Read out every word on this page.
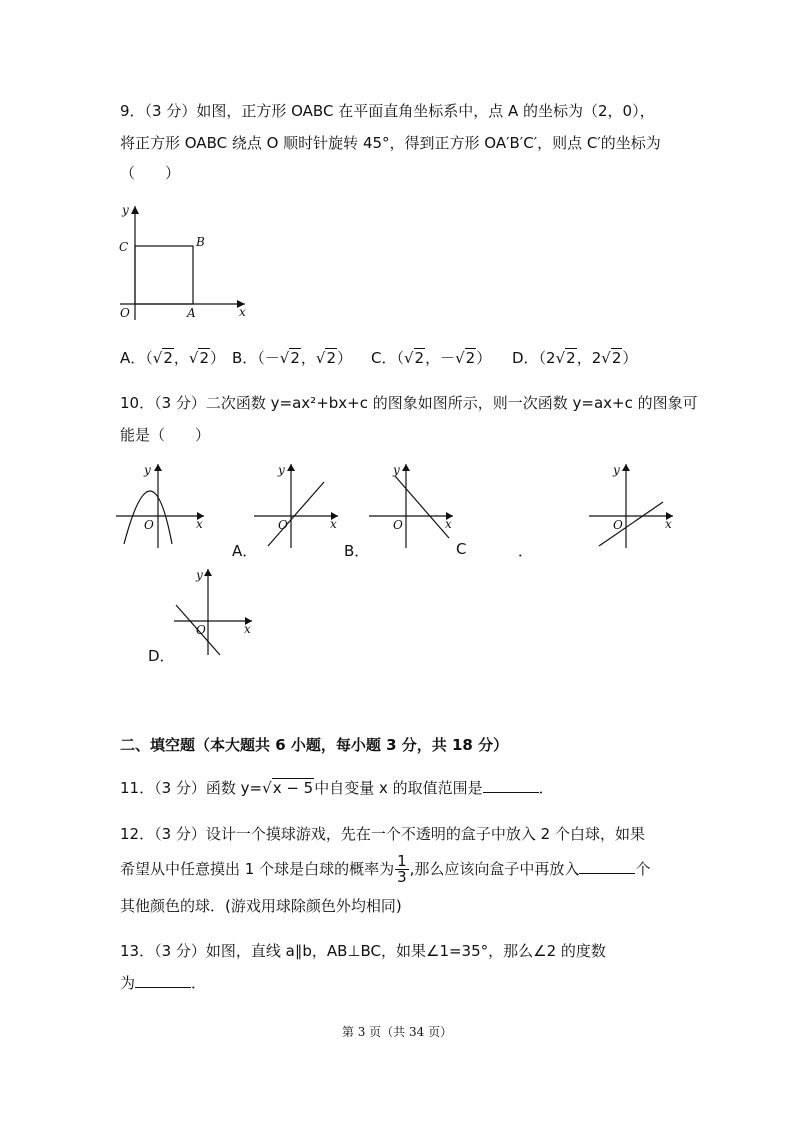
9．（3 分）如图，正方形 OABC 在平面直角坐标系中，点 A 的坐标为（2，0），
将正方形 OABC 绕点 O 顺时针旋转 45°，得到正方形 OA′B′C′，则点 C′的坐标为
（　　）
y
x
O	A
B
C
A．（√2，√2） B．（－√2，√2） C．（√2，－√2） D．（2√2，2√2）
10．（3 分）二次函数 y=ax²+bx+c 的图象如图所示，则一次函数 y=ax+c 的图象可
能是（　　）
y
x
O
y
x
O
y
x
O
y
x
O
A．	B．	C	．
y
x
O
D．
二、填空题（本大题共 6 小题，每小题 3 分，共 18 分）
11．（3 分）函数 y=√x − 5中自变量 x 的取值范围是	．
12．（3 分）设计一个摸球游戏，先在一个不透明的盒子中放入 2 个白球，如果
希望从中任意摸出 1 个球是白球的概率为 $\frac{1}{3}$ ,那么应该向盒子中再放入	个
其他颜色的球．(游戏用球除颜色外均相同)
13．（3 分）如图，直线 a∥b，AB⊥BC，如果∠1=35°，那么∠2 的度数
为	．
第 3 页（共 34 页）
